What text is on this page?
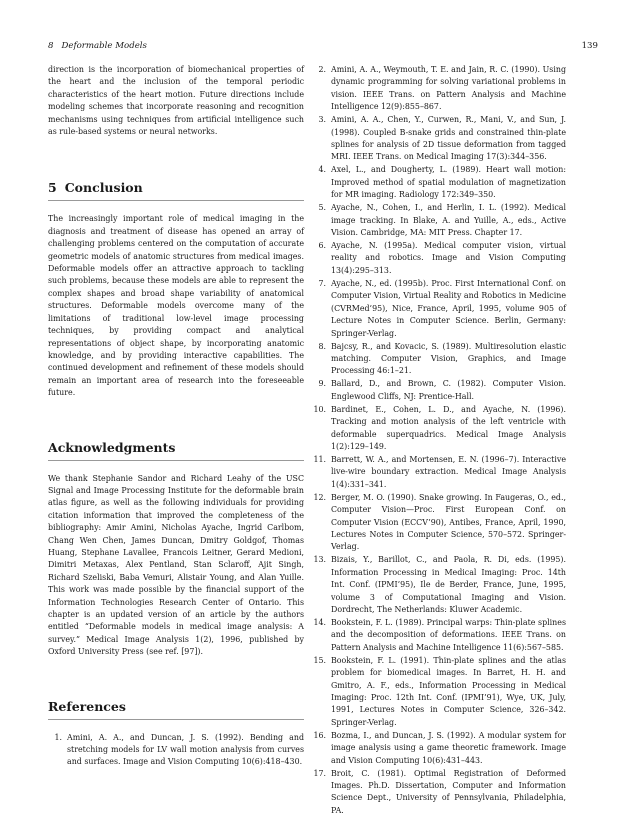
8 Deformable Models	139

direction is the incorporation of biomechanical properties of the heart and the inclusion of the temporal periodic characteristics of the heart motion. Future directions include modeling schemes that incorporate reasoning and recognition mechanisms using techniques from artificial intelligence such as rule-based systems or neural networks.

5 Conclusion

The increasingly important role of medical imaging in the diagnosis and treatment of disease has opened an array of challenging problems centered on the computation of accurate geometric models of anatomic structures from medical images. Deformable models offer an attractive approach to tackling such problems, because these models are able to represent the complex shapes and broad shape variability of anatomical structures. Deformable models overcome many of the limitations of traditional low-level image processing techniques, by providing compact and analytical representations of object shape, by incorporating anatomic knowledge, and by providing interactive capabilities. The continued development and refinement of these models should remain an important area of research into the foreseeable future.

Acknowledgments

We thank Stephanie Sandor and Richard Leahy of the USC Signal and Image Processing Institute for the deformable brain atlas figure, as well as the following individuals for providing citation information that improved the completeness of the bibliography: Amir Amini, Nicholas Ayache, Ingrid Carlbom, Chang Wen Chen, James Duncan, Dmitry Goldgof, Thomas Huang, Stephane Lavallee, Francois Leitner, Gerard Medioni, Dimitri Metaxas, Alex Pentland, Stan Sclaroff, Ajit Singh, Richard Szeliski, Baba Vemuri, Alistair Young, and Alan Yuille. This work was made possible by the financial support of the Information Technologies Research Center of Ontario. This chapter is an updated version of an article by the authors entitled “Deformable models in medical image analysis: A survey.” Medical Image Analysis 1(2), 1996, published by Oxford University Press (see ref. [97]).

References
1. Amini, A. A., and Duncan, J. S. (1992). Bending and stretching models for LV wall motion analysis from curves and surfaces. Image and Vision Computing 10(6):418–430.
2. Amini, A. A., Weymouth, T. E. and Jain, R. C. (1990). Using dynamic programming for solving variational problems in vision. IEEE Trans. on Pattern Analysis and Machine Intelligence 12(9):855–867.
3. Amini, A. A., Chen, Y., Curwen, R., Mani, V., and Sun, J. (1998). Coupled B-snake grids and constrained thin-plate splines for analysis of 2D tissue deformation from tagged MRI. IEEE Trans. on Medical Imaging 17(3):344–356.
4. Axel, L., and Dougherty, L. (1989). Heart wall motion: Improved method of spatial modulation of magnetization for MR imaging. Radiology 172:349–350.
5. Ayache, N., Cohen, I., and Herlin, I. L. (1992). Medical image tracking. In Blake, A. and Yuille, A., eds., Active Vision. Cambridge, MA: MIT Press. Chapter 17.
6. Ayache, N. (1995a). Medical computer vision, virtual reality and robotics. Image and Vision Computing 13(4):295–313.
7. Ayache, N., ed. (1995b). Proc. First International Conf. on Computer Vision, Virtual Reality and Robotics in Medicine (CVRMed’95), Nice, France, April, 1995, volume 905 of Lecture Notes in Computer Science. Berlin, Germany: Springer-Verlag.
8. Bajcsy, R., and Kovacic, S. (1989). Multiresolution elastic matching. Computer Vision, Graphics, and Image Processing 46:1–21.
9. Ballard, D., and Brown, C. (1982). Computer Vision. Englewood Cliffs, NJ: Prentice-Hall.
10. Bardinet, E., Cohen, L. D., and Ayache, N. (1996). Tracking and motion analysis of the left ventricle with deformable superquadrics. Medical Image Analysis 1(2):129–149.
11. Barrett, W. A., and Mortensen, E. N. (1996–7). Interactive live-wire boundary extraction. Medical Image Analysis 1(4):331–341.
12. Berger, M. O. (1990). Snake growing. In Faugeras, O., ed., Computer Vision—Proc. First European Conf. on Computer Vision (ECCV’90), Antibes, France, April, 1990, Lectures Notes in Computer Science, 570–572. Springer-Verlag.
13. Bizais, Y., Barillot, C., and Paola, R. Di, eds. (1995). Information Processing in Medical Imaging: Proc. 14th Int. Conf. (IPMI’95), Ile de Berder, France, June, 1995, volume 3 of Computational Imaging and Vision. Dordrecht, The Netherlands: Kluwer Academic.
14. Bookstein, F. L. (1989). Principal warps: Thin-plate splines and the decomposition of deformations. IEEE Trans. on Pattern Analysis and Machine Intelligence 11(6):567–585.
15. Bookstein, F. L. (1991). Thin-plate splines and the atlas problem for biomedical images. In Barret, H. H. and Gmitro, A. F., eds., Information Processing in Medical Imaging: Proc. 12th Int. Conf. (IPMI’91), Wye, UK, July, 1991, Lectures Notes in Computer Science, 326–342. Springer-Verlag.
16. Bozma, I., and Duncan, J. S. (1992). A modular system for image analysis using a game theoretic framework. Image and Vision Computing 10(6):431–443.
17. Broit, C. (1981). Optimal Registration of Deformed Images. Ph.D. Dissertation, Computer and Information Science Dept., University of Pennsylvania, Philadelphia, PA.
